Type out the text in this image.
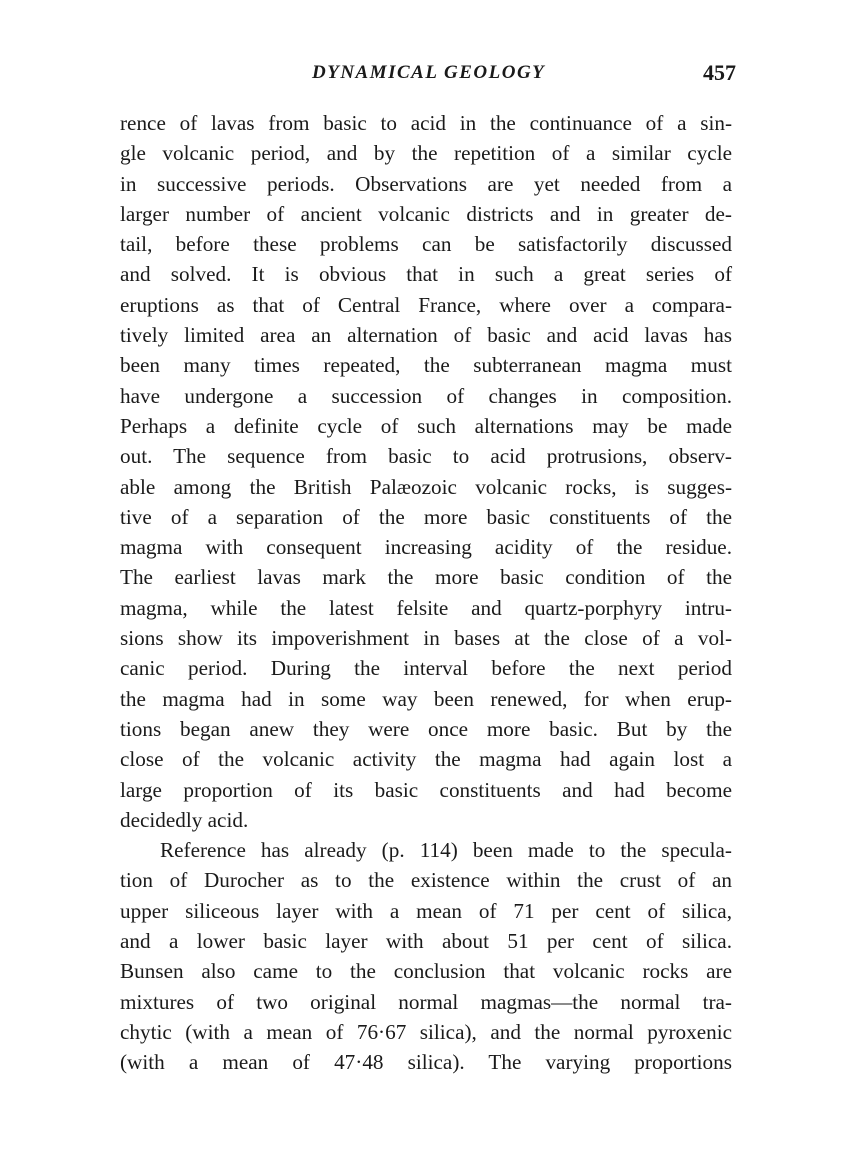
DYNAMICAL GEOLOGY	457
rence of lavas from basic to acid in the continuance of a sin-
gle volcanic period, and by the repetition of a similar cycle
in successive periods. Observations are yet needed from a
larger number of ancient volcanic districts and in greater de-
tail, before these problems can be satisfactorily discussed
and solved. It is obvious that in such a great series of
eruptions as that of Central France, where over a compara-
tively limited area an alternation of basic and acid lavas has
been many times repeated, the subterranean magma must
have undergone a succession of changes in composition.
Perhaps a definite cycle of such alternations may be made
out. The sequence from basic to acid protrusions, observ-
able among the British Palæozoic volcanic rocks, is sugges-
tive of a separation of the more basic constituents of the
magma with consequent increasing acidity of the residue.
The earliest lavas mark the more basic condition of the
magma, while the latest felsite and quartz-porphyry intru-
sions show its impoverishment in bases at the close of a vol-
canic period. During the interval before the next period
the magma had in some way been renewed, for when erup-
tions began anew they were once more basic. But by the
close of the volcanic activity the magma had again lost a
large proportion of its basic constituents and had become
decidedly acid.
Reference has already (p. 114) been made to the specula-
tion of Durocher as to the existence within the crust of an
upper siliceous layer with a mean of 71 per cent of silica,
and a lower basic layer with about 51 per cent of silica.
Bunsen also came to the conclusion that volcanic rocks are
mixtures of two original normal magmas—the normal tra-
chytic (with a mean of 76·67 silica), and the normal pyroxenic
(with a mean of 47·48 silica). The varying proportions
